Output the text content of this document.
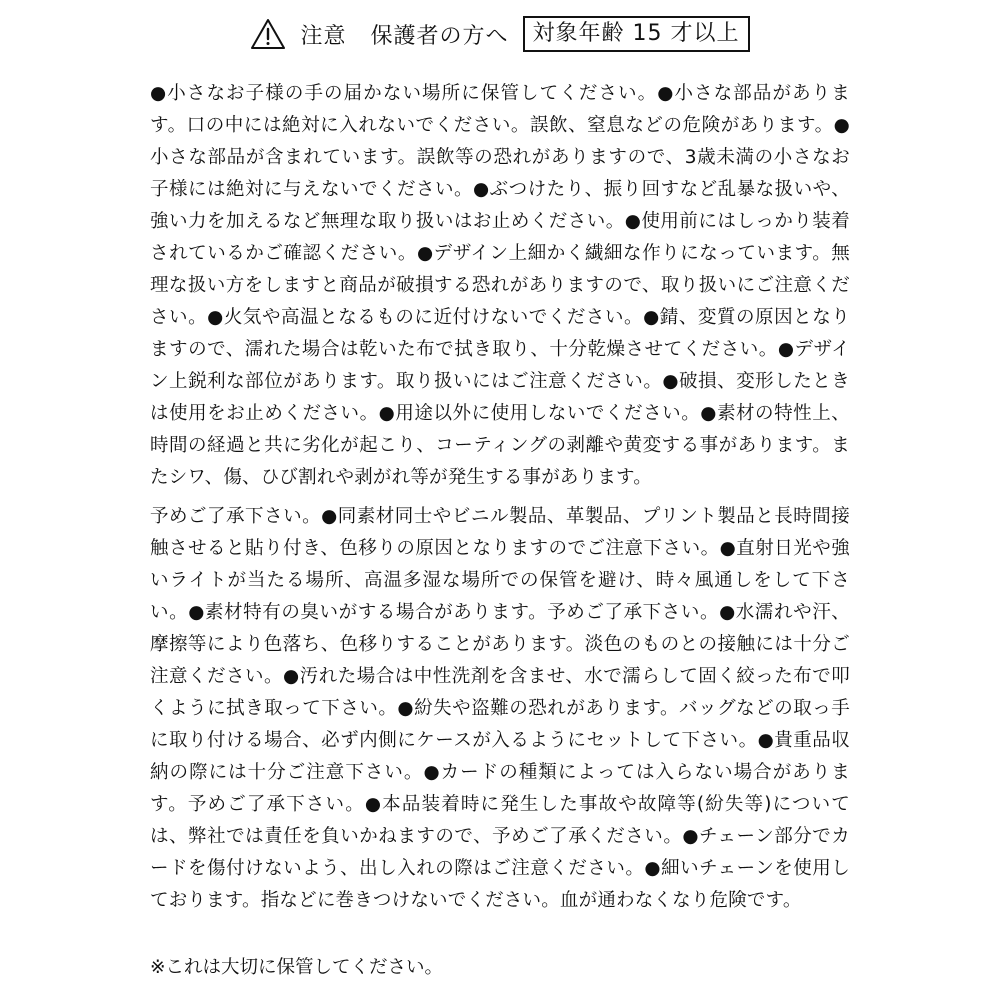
注意 保護者の方へ	対象年齢 15 才以上
●小さなお子様の手の届かない場所に保管してください。●小さな部品があります。口の中には絶対に入れないでください。誤飲、窒息などの危険があります。●小さな部品が含まれています。誤飲等の恐れがありますので、3歳未満の小さなお子様には絶対に与えないでください。●ぶつけたり、振り回すなど乱暴な扱いや、強い力を加えるなど無理な取り扱いはお止めください。●使用前にはしっかり装着されているかご確認ください。●デザイン上細かく繊細な作りになっています。無理な扱い方をしますと商品が破損する恐れがありますので、取り扱いにご注意ください。●火気や高温となるものに近付けないでください。●錆、変質の原因となりますので、濡れた場合は乾いた布で拭き取り、十分乾燥させてください。●デザイン上鋭利な部位があります。取り扱いにはご注意ください。●破損、変形したときは使用をお止めください。●用途以外に使用しないでください。●素材の特性上、時間の経過と共に劣化が起こり、コーティングの剥離や黄変する事があります。またシワ、傷、ひび割れや剥がれ等が発生する事があります。
予めご了承下さい。●同素材同士やビニル製品、革製品、プリント製品と長時間接触させると貼り付き、色移りの原因となりますのでご注意下さい。●直射日光や強いライトが当たる場所、高温多湿な場所での保管を避け、時々風通しをして下さい。●素材特有の臭いがする場合があります。予めご了承下さい。●水濡れや汗、摩擦等により色落ち、色移りすることがあります。淡色のものとの接触には十分ご注意ください。●汚れた場合は中性洗剤を含ませ、水で濡らして固く絞った布で叩くように拭き取って下さい。●紛失や盗難の恐れがあります。バッグなどの取っ手に取り付ける場合、必ず内側にケースが入るようにセットして下さい。●貴重品収納の際には十分ご注意下さい。●カードの種類によっては入らない場合があります。予めご了承下さい。●本品装着時に発生した事故や故障等(紛失等)については、弊社では責任を負いかねますので、予めご了承ください。●チェーン部分でカードを傷付けないよう、出し入れの際はご注意ください。●細いチェーンを使用しております。指などに巻きつけないでください。血が通わなくなり危険です。
※これは大切に保管してください。
